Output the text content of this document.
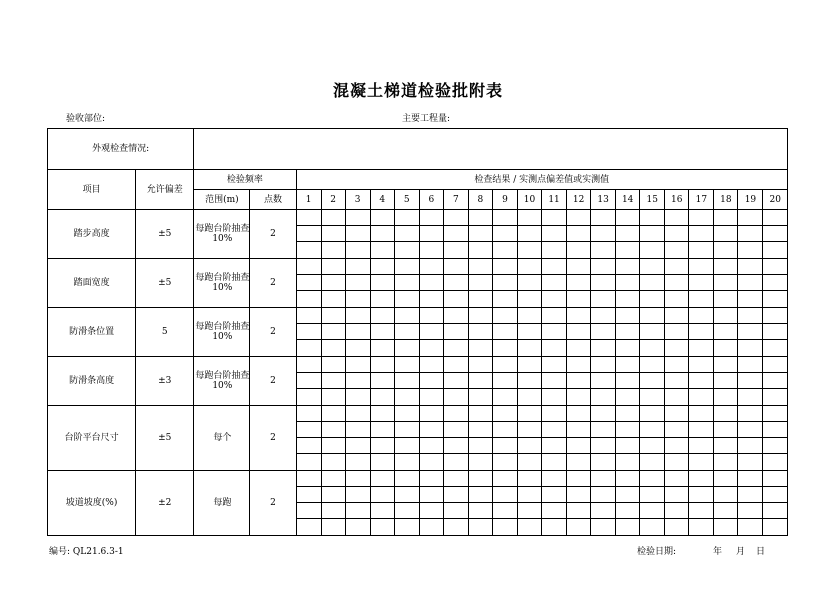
混凝土梯道检验批附表
验收部位:	主要工程量:
外观检查情况:																							
项目	允许偏差	检验频率		检查结果 / 实测点偏差值或实测值																			
		范围(m)	点数	1	2	3	4	5	6	7	8	9	10	11	12	13	14	15	16	17	18	19	20
踏步高度	±5	每跑台阶抽查10%	2																				

踏面宽度	±5	每跑台阶抽查10%	2																				

防滑条位置	5	每跑台阶抽查10%	2																				

防滑条高度	±3	每跑台阶抽查10%	2																				

台阶平台尺寸	±5	每个	2																				

坡道坡度(%)	±2	每跑	2																				

编号: QL21.6.3-1	检验日期:	年 月 日
